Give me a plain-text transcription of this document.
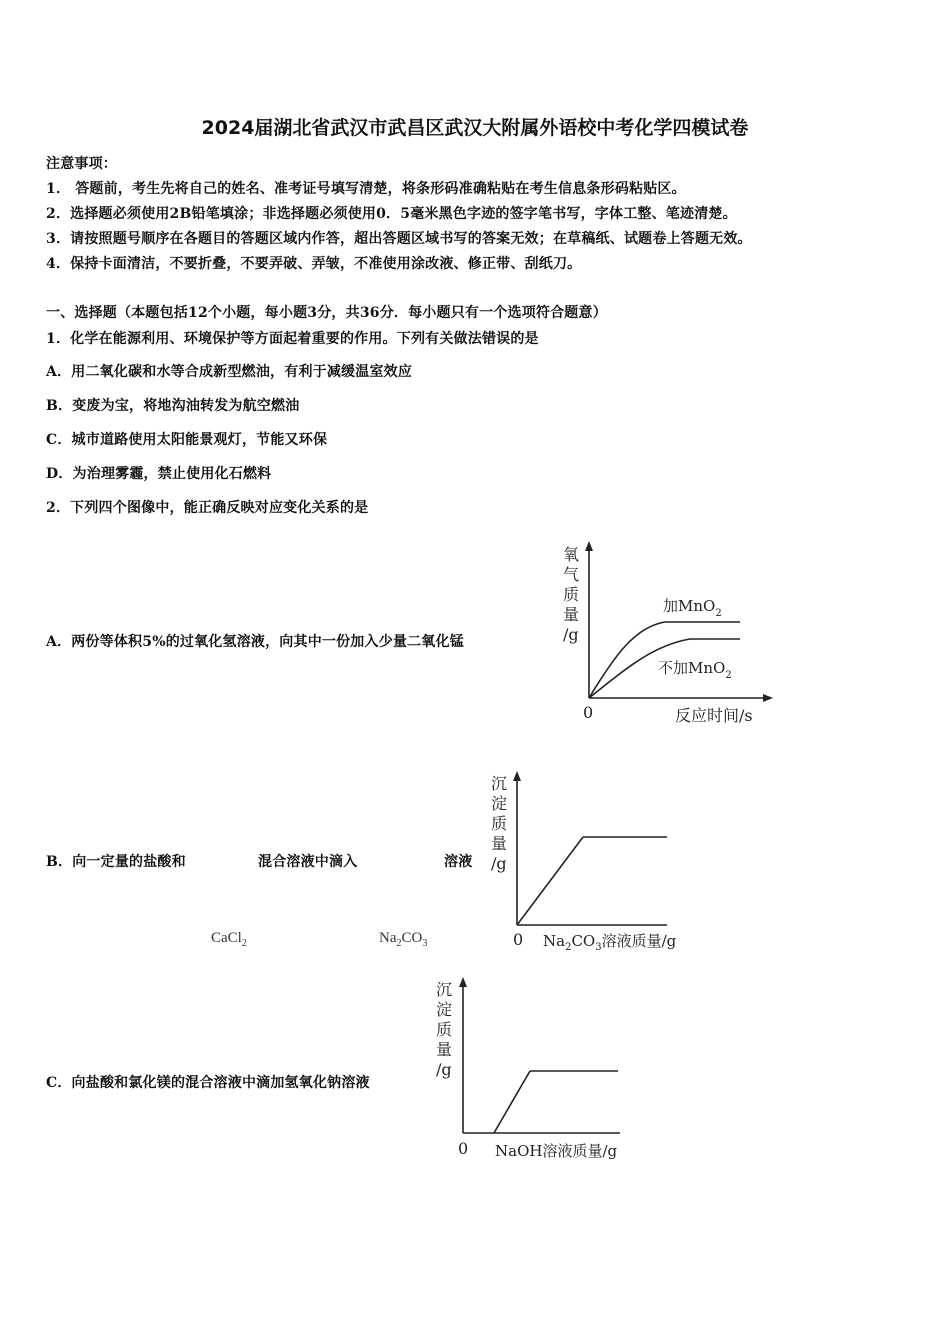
2024届湖北省武汉市武昌区武汉大附属外语校中考化学四模试卷
注意事项：
1． 答题前，考生先将自己的姓名、准考证号填写清楚，将条形码准确粘贴在考生信息条形码粘贴区。
2．选择题必须使用2B铅笔填涂；非选择题必须使用0．5毫米黑色字迹的签字笔书写，字体工整、笔迹清楚。
3．请按照题号顺序在各题目的答题区域内作答，超出答题区域书写的答案无效；在草稿纸、试题卷上答题无效。
4．保持卡面清洁，不要折叠，不要弄破、弄皱，不准使用涂改液、修正带、刮纸刀。
一、选择题（本题包括12个小题，每小题3分，共36分．每小题只有一个选项符合题意）
1．化学在能源利用、环境保护等方面起着重要的作用。下列有关做法错误的是
A．用二氧化碳和水等合成新型燃油，有利于减缓温室效应
B．变废为宝，将地沟油转发为航空燃油
C．城市道路使用太阳能景观灯，节能又环保
D．为治理雾霾，禁止使用化石燃料
2．下列四个图像中，能正确反映对应变化关系的是
A．两份等体积5%的过氧化氢溶液，向其中一份加入少量二氧化锰
B．向一定量的盐酸和	混合溶液中滴入	溶液
CaCl$_2$	$Na_2CO_3$
C．向盐酸和氯化镁的混合溶液中滴加氢氧化钠溶液
氧
气
质
量
/g
0	反应时间/s
加MnO$_2$
不加MnO$_2$
沉
淀
质
量
/g
0 $Na_2CO_3$溶液质量/g
沉
淀
质
量
/g
0 NaOH溶液质量/g
